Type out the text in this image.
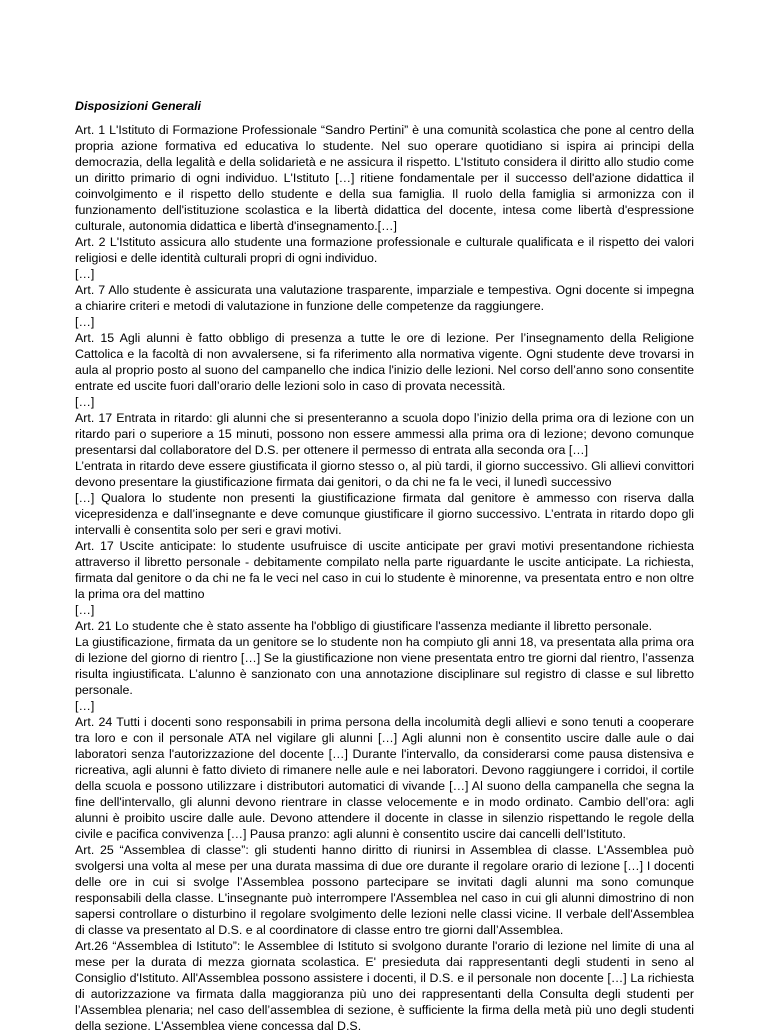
Disposizioni Generali

Art. 1 L'Istituto di Formazione Professionale “Sandro Pertini” è una comunità scolastica che pone al centro della propria azione formativa ed educativa lo studente. Nel suo operare quotidiano si ispira ai principi della democrazia, della legalità e della solidarietà e ne assicura il rispetto. L'Istituto considera il diritto allo studio come un diritto primario di ogni individuo. L'Istituto […] ritiene fondamentale per il successo dell'azione didattica il coinvolgimento e il rispetto dello studente e della sua famiglia. Il ruolo della famiglia si armonizza con il funzionamento dell'istituzione scolastica e la libertà didattica del docente, intesa come libertà d'espressione culturale, autonomia didattica e libertà d'insegnamento.[…]

Art. 2 L'Istituto assicura allo studente una formazione professionale e culturale qualificata e il rispetto dei valori religiosi e delle identità culturali propri di ogni individuo.

[…]

Art. 7 Allo studente è assicurata una valutazione trasparente, imparziale e tempestiva. Ogni docente si impegna a chiarire criteri e metodi di valutazione in funzione delle competenze da raggiungere.

[…]

Art. 15 Agli alunni è fatto obbligo di presenza a tutte le ore di lezione. Per l’insegnamento della Religione Cattolica e la facoltà di non avvalersene, si fa riferimento alla normativa vigente. Ogni studente deve trovarsi in aula al proprio posto al suono del campanello che indica l'inizio delle lezioni. Nel corso dell’anno sono consentite entrate ed uscite fuori dall’orario delle lezioni solo in caso di provata necessità.

[…]

Art. 17 Entrata in ritardo: gli alunni che si presenteranno a scuola dopo l’inizio della prima ora di lezione con un ritardo pari o superiore a 15 minuti, possono non essere ammessi alla prima ora di lezione; devono comunque presentarsi dal collaboratore del D.S. per ottenere il permesso di entrata alla seconda ora […]

L’entrata in ritardo deve essere giustificata il giorno stesso o, al più tardi, il giorno successivo. Gli allievi convittori devono presentare la giustificazione firmata dai genitori, o da chi ne fa le veci, il lunedì successivo

[…] Qualora lo studente non presenti la giustificazione firmata dal genitore è ammesso con riserva dalla vicepresidenza e dall’insegnante e deve comunque giustificare il giorno successivo. L’entrata in ritardo dopo gli intervalli è consentita solo per seri e gravi motivi.

Art. 17 Uscite anticipate: lo studente usufruisce di uscite anticipate per gravi motivi presentandone richiesta attraverso il libretto personale - debitamente compilato nella parte riguardante le uscite anticipate. La richiesta, firmata dal genitore o da chi ne fa le veci nel caso in cui lo studente è minorenne, va presentata entro e non oltre la prima ora del mattino

[…]

Art. 21 Lo studente che è stato assente ha l'obbligo di giustificare l'assenza mediante il libretto personale.

La giustificazione, firmata da un genitore se lo studente non ha compiuto gli anni 18, va presentata alla prima ora di lezione del giorno di rientro […] Se la giustificazione non viene presentata entro tre giorni dal rientro, l’assenza risulta ingiustificata. L’alunno è sanzionato con una annotazione disciplinare sul registro di classe e sul libretto personale.

[…]

Art. 24 Tutti i docenti sono responsabili in prima persona della incolumità degli allievi e sono tenuti a cooperare tra loro e con il personale ATA nel vigilare gli alunni […] Agli alunni non è consentito uscire dalle aule o dai laboratori senza l'autorizzazione del docente […] Durante l'intervallo, da considerarsi come pausa distensiva e ricreativa, agli alunni è fatto divieto di rimanere nelle aule e nei laboratori. Devono raggiungere i corridoi, il cortile della scuola e possono utilizzare i distributori automatici di vivande […] Al suono della campanella che segna la fine dell'intervallo, gli alunni devono rientrare in classe velocemente e in modo ordinato. Cambio dell’ora: agli alunni è proibito uscire dalle aule. Devono attendere il docente in classe in silenzio rispettando le regole della civile e pacifica convivenza […] Pausa pranzo: agli alunni è consentito uscire dai cancelli dell’Istituto.

Art. 25 “Assemblea di classe”: gli studenti hanno diritto di riunirsi in Assemblea di classe. L'Assemblea può svolgersi una volta al mese per una durata massima di due ore durante il regolare orario di lezione […] I docenti delle ore in cui si svolge l’Assemblea possono partecipare se invitati dagli alunni ma sono comunque responsabili della classe. L'insegnante può interrompere l'Assemblea nel caso in cui gli alunni dimostrino di non sapersi controllare o disturbino il regolare svolgimento delle lezioni nelle classi vicine. Il verbale dell'Assemblea di classe va presentato al D.S. e al coordinatore di classe entro tre giorni dall’Assemblea.

Art.26 “Assemblea di Istituto”: le Assemblee di Istituto si svolgono durante l'orario di lezione nel limite di una al mese per la durata di mezza giornata scolastica. E' presieduta dai rappresentanti degli studenti in seno al Consiglio d'Istituto. All'Assemblea possono assistere i docenti, il D.S. e il personale non docente […] La richiesta di autorizzazione va firmata dalla maggioranza più uno dei rappresentanti della Consulta degli studenti per l’Assemblea plenaria; nel caso dell’assemblea di sezione, è sufficiente la firma della metà più uno degli studenti della sezione. L'Assemblea viene concessa dal D.S.
